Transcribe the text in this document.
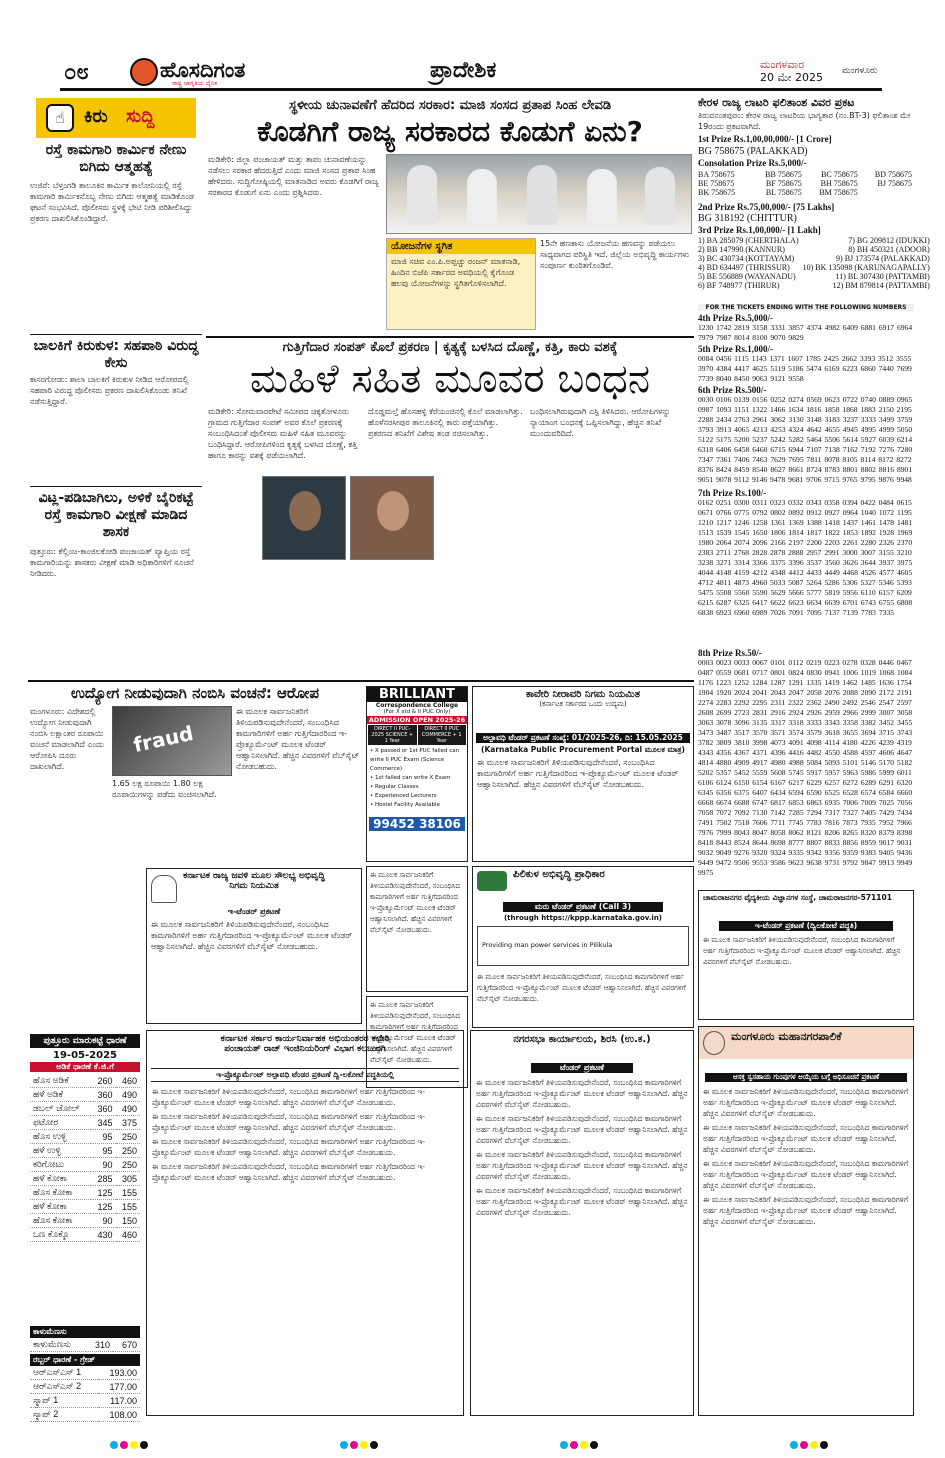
೦೮	ಹೊಸದಿಗಂತ
ರಾಷ್ಟ್ರ ಜಾಗೃತಿಯ ದೈನಿಕ
ಪ್ರಾದೇಶಿಕ	ಮಂಗಳವಾರ
20 ಮೇ 2025 ಮಂಗಳೂರು
☝	ಕಿರು ಸುದ್ದಿ
ರಸ್ತೆ ಕಾಮಗಾರಿ ಕಾರ್ಮಿಕ ನೇಣು ಬಿಗಿದು ಆತ್ಮಹತ್ಯೆ
ಉಜಿರೆ: ಬೆಳ್ತಂಗಡಿ ತಾಲೂಕಿನ ಕಾರ್ಮಿಕ ಕಾಲೋನಿಯಲ್ಲಿ ರಸ್ತೆ ಕಾಮಗಾರಿ ಕಾರ್ಮಿಕನೊಬ್ಬ ನೇಣು ಬಿಗಿದು ಆತ್ಮಹತ್ಯೆ ಮಾಡಿಕೊಂಡ ಘಟನೆ ಸಂಭವಿಸಿದೆ. ಪೊಲೀಸರು ಸ್ಥಳಕ್ಕೆ ಭೇಟಿ ನೀಡಿ ಪರಿಶೀಲಿಸಿದ್ದು ಪ್ರಕರಣ ದಾಖಲಿಸಿಕೊಂಡಿದ್ದಾರೆ.
ಬಾಲಕಿಗೆ ಕಿರುಕುಳ: ಸಹಪಾಠಿ ವಿರುದ್ಧ ಕೇಸು
ಕಾಸರಗೋಡು: ಶಾಲಾ ಬಾಲಕಿಗೆ ಕಿರುಕುಳ ನೀಡಿದ ಆರೋಪದಲ್ಲಿ ಸಹಪಾಠಿ ವಿರುದ್ಧ ಪೊಲೀಸರು ಪ್ರಕರಣ ದಾಖಲಿಸಿಕೊಂಡು ತನಿಖೆ ನಡೆಸುತ್ತಿದ್ದಾರೆ.
ವಿಟ್ಲ-ಪಡಿಬಾಗಿಲು, ಅಳಿಕೆ ಬೈರಿಕಟ್ಟೆ ರಸ್ತೆ ಕಾಮಗಾರಿ ವೀಕ್ಷಣೆ ಮಾಡಿದ ಶಾಸಕ
ಪುತ್ತೂರು: ಕೆಲ್ಲಿಂಜ-ಕಾಂಜಿಲಕೋಡಿ ಪಂಚಾಯತ್ ವ್ಯಾಪ್ತಿಯ ರಸ್ತೆ ಕಾಮಗಾರಿಯನ್ನು ಶಾಸಕರು ವೀಕ್ಷಣೆ ಮಾಡಿ ಅಧಿಕಾರಿಗಳಿಗೆ ಸೂಚನೆ ನೀಡಿದರು.
ಸ್ಥಳೀಯ ಚುನಾವಣೆಗೆ ಹೆದರಿದ ಸರಕಾರ: ಮಾಜಿ ಸಂಸದ ಪ್ರತಾಪ ಸಿಂಹ ಲೇವಡಿ
ಕೊಡಗಿಗೆ ರಾಜ್ಯ ಸರಕಾರದ ಕೊಡುಗೆ ಏನು?
ಮಡಿಕೇರಿ: ಜಿಲ್ಲಾ ಪಂಚಾಯತ್ ಮತ್ತು ತಾಪಂ ಚುನಾವಣೆಯನ್ನು ನಡೆಸಲು ಸರಕಾರ ಹೆದರುತ್ತಿದೆ ಎಂದು ಮಾಜಿ ಸಂಸದ ಪ್ರತಾಪ ಸಿಂಹ ಹೇಳಿದರು. ಸುದ್ದಿಗೋಷ್ಠಿಯಲ್ಲಿ ಮಾತನಾಡಿದ ಅವರು ಕೊಡಗಿಗೆ ರಾಜ್ಯ ಸರಕಾರದ ಕೊಡುಗೆ ಏನು ಎಂದು ಪ್ರಶ್ನಿಸಿದರು.
ಯೋಜನೆಗಳ ಸ್ಥಗಿತ
ಮಾಜಿ ಸಚಿವ ಎಂ.ಪಿ.ಅಪ್ಪಚ್ಚು ರಂಜನ್ ಮಾತನಾಡಿ, ಹಿಂದಿನ ಬಿಜೆಪಿ ಸರ್ಕಾರದ ಅವಧಿಯಲ್ಲಿ ಕೈಗೊಂಡ ಹಲವು ಯೋಜನೆಗಳನ್ನು ಸ್ಥಗಿತಗೊಳಿಸಲಾಗಿದೆ.
15ನೇ ಹಣಕಾಸು ಯೋಜನೆಯ ಹಣವನ್ನು ಪಡೆಯಲು ಸಾಧ್ಯವಾಗದ ಪರಿಸ್ಥಿತಿ ಇದೆ. ಜಿಲ್ಲೆಯ ಅಭಿವೃದ್ಧಿ ಕಾರ್ಯಗಳು ಸಂಪೂರ್ಣ ಕುಂಠಿತಗೊಂಡಿವೆ.
ಗುತ್ತಿಗೆದಾರ ಸಂಪತ್ ಕೊಲೆ ಪ್ರಕರಣ | ಕೃತ್ಯಕ್ಕೆ ಬಳಸಿದ ದೊಣ್ಣೆ, ಕತ್ತಿ, ಕಾರು ವಶಕ್ಕೆ
ಮಹಿಳೆ ಸಹಿತ ಮೂವರ ಬಂಧನ
ಮಡಿಕೇರಿ: ಸೋಮವಾರಪೇಟೆ ಸಮೀಪದ ಚಿಕ್ಕತೋಳೂರು ಗ್ರಾಮದ ಗುತ್ತಿಗೆದಾರ ಸಂಪತ್ ಅವರ ಕೊಲೆ ಪ್ರಕರಣಕ್ಕೆ ಸಂಬಂಧಿಸಿದಂತೆ ಪೊಲೀಸರು ಮಹಿಳೆ ಸಹಿತ ಮೂವರನ್ನು ಬಂಧಿಸಿದ್ದಾರೆ. ಆರೋಪಿಗಳಿಂದ ಕೃತ್ಯಕ್ಕೆ ಬಳಸಿದ ದೊಣ್ಣೆ, ಕತ್ತಿ ಹಾಗೂ ಕಾರನ್ನು ವಶಕ್ಕೆ ಪಡೆಯಲಾಗಿದೆ.
ದೊಡ್ಡಮಲ್ತೆ ಹೊಸಹಳ್ಳಿ ಕೆರೆಯಂಚಿನಲ್ಲಿ ಕೊಲೆ ಮಾಡಲಾಗಿತ್ತು. ಹೊಳೆನರಸೀಪುರ ತಾಲೂಕಿನಲ್ಲಿ ಕಾರು ಪತ್ತೆಯಾಗಿತ್ತು. ಪ್ರಕರಣದ ತನಿಖೆಗೆ ವಿಶೇಷ ತಂಡ ರಚಿಸಲಾಗಿತ್ತು.
ಬಂಧಿಸಲಾಗಿರುವುದಾಗಿ ಎಸ್ಪಿ ತಿಳಿಸಿದರು. ಆರೋಪಿಗಳನ್ನು ನ್ಯಾಯಾಂಗ ಬಂಧನಕ್ಕೆ ಒಪ್ಪಿಸಲಾಗಿದ್ದು, ಹೆಚ್ಚಿನ ತನಿಖೆ ಮುಂದುವರಿದಿದೆ.
ಕೇರಳ ರಾಜ್ಯ ಲಾಟರಿ ಫಲಿತಾಂಶ ವಿವರ ಪ್ರಕಟ
ತಿರುವನಂತಪುರಂ: ಕೇರಳ ರಾಜ್ಯ ಲಾಟರಿಯ ಭಾಗ್ಯತಾರ (ನಂ.BT-3) ಫಲಿತಾಂಶ ಮೇ 19ರಂದು ಪ್ರಕಟವಾಗಿದೆ.
1st Prize Rs.1,00,00,000/- [1 Crore]
BG 758675 (PALAKKAD)
Consolation Prize Rs.5,000/-
BA 758675	BB 758675	BC 758675	BD 758675
BE 758675	BF 758675	BH 758675	BJ 758675
BK 758675	BL 758675	BM 758675	
2nd Prize Rs.75,00,000/- [75 Lakhs]
BG 318192 (CHITTUR)
3rd Prize Rs.1,00,000/- [1 Lakh]
1) BA 285079 (CHERTHALA)	7) BG 209812 (IDUKKI)
2) BB 147990 (KANNUR)	8) BH 450321 (ADOOR)
3) BC 430734 (KOTTAYAM)	9) BJ 173574 (PALAKKAD)
4) BD 634497 (THRISSUR)	10) BK 135098 (KARUNAGAPALLY)
5) BE 556889 (WAYANADU)	11) BL 307430 (PATTAMBI)
6) BF 748977 (THIRUR)	12) BM 879814 (PATTAMBI)
FOR THE TICKETS ENDING WITH THE FOLLOWING NUMBERS
4th Prize Rs.5,000/-
1230 1742 2819 3158 3331 3857 4374 4982 6409 6881 6917 6964 7979 7987 8014 8100 9070 9829
5th Prize Rs.1,000/-
0084 0456 1115 1143 1371 1607 1785 2425 2662 3393 3512 3555 3970 4384 4417 4625 5119 5186 5474 6169 6223 6860 7440 7699 7739 8040 8450 9063 9121 9558
6th Prize Rs.500/-
0030 0106 0139 0156 0252 0274 0569 0623 0722 0740 0889 0965 0987 1093 1151 1322 1466 1634 1816 1858 1868 1883 2150 2195 2288 2434 2763 2961 3062 3130 3148 3183 3237 3333 3499 3759 3793 3913 4065 4213 4253 4324 4642 4655 4945 4995 4999 5050 5122 5175 5200 5237 5242 5282 5464 5506 5614 5927 6039 6214 6318 6406 6458 6460 6715 6944 7107 7138 7162 7192 7276 7280 7347 7361 7406 7463 7629 7695 7811 8078 8105 8114 8172 8272 8376 8424 8459 8540 8627 8661 8724 8783 8801 8802 8816 8901 9051 9078 9112 9146 9478 9681 9706 9715 9765 9795 9876 9948
7th Prize Rs.100/-
0162 0251 0300 0311 0323 0332 0343 0358 0394 0422 0484 0615 0671 0766 0775 0792 0802 0892 0912 0927 0964 1040 1072 1195 1210 1217 1246 1258 1361 1369 1388 1418 1437 1461 1478 1481 1513 1539 1545 1650 1806 1814 1817 1822 1853 1892 1928 1969 1980 2064 2074 2096 2166 2197 2200 2203 2261 2280 2326 2370 2383 2711 2768 2828 2878 2888 2957 2991 3000 3007 3155 3210 3238 3271 3314 3366 3375 3396 3537 3560 3626 3644 3937 3975 4044 4148 4159 4212 4348 4412 4433 4449 4468 4526 4577 4605 4712 4811 4873 4960 5033 5087 5264 5286 5306 5327 5346 5393 5475 5508 5560 5590 5629 5666 5777 5819 5956 6110 6157 6209 6215 6287 6325 6417 6622 6623 6634 6639 6701 6743 6755 6808 6838 6923 6960 6989 7026 7091 7095 7137 7139 7783 7335
8th Prize Rs.50/-
0003 0023 0033 0067 0101 0112 0219 0223 0278 0328 0446 0467 0487 0559 0681 0717 0801 0824 0830 0941 1006 1019 1068 1084 1176 1223 1252 1284 1287 1291 1335 1419 1462 1485 1636 1754 1904 1920 2024 2041 2043 2047 2058 2076 2088 2090 2172 2191 2274 2283 2292 2295 2311 2322 2362 2490 2492 2546 2547 2597 2608 2699 2723 2831 2916 2924 2926 2959 2966 2999 3007 3058 3063 3078 3096 3135 3317 3318 3333 3343 3358 3382 3452 3455 3473 3487 3517 3570 3571 3574 3579 3618 3655 3694 3715 3743 3782 3809 3810 3998 4073 4091 4098 4114 4180 4226 4239 4319 4343 4356 4367 4371 4396 4416 4482 4550 4588 4597 4606 4647 4814 4880 4909 4917 4980 4988 5084 5093 5101 5146 5170 5182 5202 5357 5452 5559 5608 5745 5917 5957 5963 5986 5999 6011 6106 6124 6150 6154 6167 6217 6229 6257 6272 6289 6291 6320 6345 6356 6375 6407 6434 6594 6590 6525 6528 6574 6584 6660 6668 6674 6688 6747 6817 6853 6863 6935 7006 7009 7025 7056 7058 7072 7092 7130 7142 7285 7294 7317 7327 7405 7429 7434 7491 7502 7518 7606 7711 7745 7783 7816 7873 7935 7952 7966 7976 7999 8043 8047 8058 8062 8121 8206 8265 8320 8379 8398 8418 8443 8524 8644 8698 8777 8807 8833 8856 8959 9017 9031 9032 9049 9276 9320 9324 9335 9342 9356 9359 9383 9405 9436 9449 9472 9506 9553 9586 9623 9638 9731 9792 9847 9913 9949 9975
ಉದ್ಯೋಗ ನೀಡುವುದಾಗಿ ನಂಬಿಸಿ ವಂಚನೆ: ಆರೋಪ
ಮಂಗಳೂರು: ವಿದೇಶದಲ್ಲಿ ಉದ್ಯೋಗ ನೀಡುವುದಾಗಿ ನಂಬಿಸಿ ಲಕ್ಷಾಂತರ ರೂಪಾಯಿ ವಂಚನೆ ಮಾಡಲಾಗಿದೆ ಎಂದು ಆರೋಪಿಸಿ ದೂರು ದಾಖಲಾಗಿದೆ.
fraud
1.65 ಲಕ್ಷ ರೂಪಾಯಿ 1.80 ಲಕ್ಷ ರೂಪಾಯಿಗಳನ್ನು ಪಡೆದು ವಂಚಿಸಲಾಗಿದೆ.
ಈ ಮೂಲಕ ಸಾರ್ವಜನಿಕರಿಗೆ ತಿಳಿಯಪಡಿಸುವುದೇನೆಂದರೆ, ಸಂಬಂಧಿಸಿದ ಕಾಮಗಾರಿಗಳಿಗೆ ಅರ್ಹ ಗುತ್ತಿಗೆದಾರರಿಂದ ಇ-ಪ್ರೊಕ್ಯೂರ್ಮೆಂಟ್ ಮೂಲಕ ಟೆಂಡರ್ ಆಹ್ವಾನಿಸಲಾಗಿದೆ. ಹೆಚ್ಚಿನ ವಿವರಗಳಿಗೆ ವೆಬ್‌ಸೈಟ್ ನೋಡಬಹುದು.
BRILLIANT
Correspondence College
(For X std & II PUC Only)
ADMISSION OPEN 2025-26
DIRECT II PUC-2025 SCIENCE + 1 Year
DIRECT II PUC COMMERCE + 1 Year
• X passed or 1st PUC failed can write II PUC Exam (Science Commerce)
• 1st failed can write X Exam
• Regular Classes
• Experienced Lecturers
• Hostel Facility Available
99452 38106
ಕಾವೇರಿ ನೀರಾವರಿ ನಿಗಮ ನಿಯಮಿತ
(ಕರ್ನಾಟಕ ಸರ್ಕಾರದ ಒಂದು ಉದ್ಯಮ)
ಅಲ್ಪಾವಧಿ ಟೆಂಡರ್ ಪ್ರಕಟಣೆ ಸಂಖ್ಯೆ: 01/2025-26, ದಿ: 15.05.2025
(Karnataka Public Procurement Portal ಮೂಲಕ ಮಾತ್ರ)
ಈ ಮೂಲಕ ಸಾರ್ವಜನಿಕರಿಗೆ ತಿಳಿಯಪಡಿಸುವುದೇನೆಂದರೆ, ಸಂಬಂಧಿಸಿದ ಕಾಮಗಾರಿಗಳಿಗೆ ಅರ್ಹ ಗುತ್ತಿಗೆದಾರರಿಂದ ಇ-ಪ್ರೊಕ್ಯೂರ್ಮೆಂಟ್ ಮೂಲಕ ಟೆಂಡರ್ ಆಹ್ವಾನಿಸಲಾಗಿದೆ. ಹೆಚ್ಚಿನ ವಿವರಗಳಿಗೆ ವೆಬ್‌ಸೈಟ್ ನೋಡಬಹುದು.
ಕರ್ನಾಟಕ ರಾಜ್ಯ ಜವಳಿ ಮೂಲ ಸೌಲಭ್ಯ ಅಭಿವೃದ್ಧಿ ನಿಗಮ ನಿಯಮಿತ
ಇ-ಟೆಂಡರ್ ಪ್ರಕಟಣೆ
ಈ ಮೂಲಕ ಸಾರ್ವಜನಿಕರಿಗೆ ತಿಳಿಯಪಡಿಸುವುದೇನೆಂದರೆ, ಸಂಬಂಧಿಸಿದ ಕಾಮಗಾರಿಗಳಿಗೆ ಅರ್ಹ ಗುತ್ತಿಗೆದಾರರಿಂದ ಇ-ಪ್ರೊಕ್ಯೂರ್ಮೆಂಟ್ ಮೂಲಕ ಟೆಂಡರ್ ಆಹ್ವಾನಿಸಲಾಗಿದೆ. ಹೆಚ್ಚಿನ ವಿವರಗಳಿಗೆ ವೆಬ್‌ಸೈಟ್ ನೋಡಬಹುದು.
ಈ ಮೂಲಕ ಸಾರ್ವಜನಿಕರಿಗೆ ತಿಳಿಯಪಡಿಸುವುದೇನೆಂದರೆ, ಸಂಬಂಧಿಸಿದ ಕಾಮಗಾರಿಗಳಿಗೆ ಅರ್ಹ ಗುತ್ತಿಗೆದಾರರಿಂದ ಇ-ಪ್ರೊಕ್ಯೂರ್ಮೆಂಟ್ ಮೂಲಕ ಟೆಂಡರ್ ಆಹ್ವಾನಿಸಲಾಗಿದೆ. ಹೆಚ್ಚಿನ ವಿವರಗಳಿಗೆ ವೆಬ್‌ಸೈಟ್ ನೋಡಬಹುದು.
ಈ ಮೂಲಕ ಸಾರ್ವಜನಿಕರಿಗೆ ತಿಳಿಯಪಡಿಸುವುದೇನೆಂದರೆ, ಸಂಬಂಧಿಸಿದ ಕಾಮಗಾರಿಗಳಿಗೆ ಅರ್ಹ ಗುತ್ತಿಗೆದಾರರಿಂದ ಇ-ಪ್ರೊಕ್ಯೂರ್ಮೆಂಟ್ ಮೂಲಕ ಟೆಂಡರ್ ಆಹ್ವಾನಿಸಲಾಗಿದೆ. ಹೆಚ್ಚಿನ ವಿವರಗಳಿಗೆ ವೆಬ್‌ಸೈಟ್ ನೋಡಬಹುದು.
ಪಿಲಿಕುಳ ಅಭಿವೃದ್ಧಿ ಪ್ರಾಧಿಕಾರ
ಮರು ಟೆಂಡರ್ ಪ್ರಕಟಣೆ (Call 3)
(through https://kppp.karnataka.gov.in)
Providing man power services in Pilikula
ಈ ಮೂಲಕ ಸಾರ್ವಜನಿಕರಿಗೆ ತಿಳಿಯಪಡಿಸುವುದೇನೆಂದರೆ, ಸಂಬಂಧಿಸಿದ ಕಾಮಗಾರಿಗಳಿಗೆ ಅರ್ಹ ಗುತ್ತಿಗೆದಾರರಿಂದ ಇ-ಪ್ರೊಕ್ಯೂರ್ಮೆಂಟ್ ಮೂಲಕ ಟೆಂಡರ್ ಆಹ್ವಾನಿಸಲಾಗಿದೆ. ಹೆಚ್ಚಿನ ವಿವರಗಳಿಗೆ ವೆಬ್‌ಸೈಟ್ ನೋಡಬಹುದು.
ಪುತ್ತೂರು ಮಾರುಕಟ್ಟೆ ಧಾರಣೆ
19-05-2025
ಅಡಿಕೆ ಧಾರಣೆ ಕೆ.ಜಿ.ಗೆ
ಹೊಸ ಅಡಿಕೆ	260	460
ಹಳೆ ಅಡಿಕೆ	360	490
ಡಬಲ್ ಚೋಲ್	360	490
ಫಟೋರ	345	375
ಹೊಸ ಉಳ್ಳಿ	95	250
ಹಳೆ ಉಳ್ಳಿ	95	250
ಕರಿಗೋಟು	90	250
ಹಳೆ ಕೋಕಾ	285	305
ಹೊಸ ಕೋಕಾ	125	155
ಹಳೆ ಕೋಕಾ	125	155
ಹೊಸ ಕೋಕಾ	90	150
ಒಣ ಕೊಕ್ಕೊ	430	460
ಕಾಳುಮೆಣಸು
ಕಾಳುಮೆಣಸು	310	670
ರಬ್ಬರ್ ಧಾರಣೆ - ಗ್ರೇಡ್
ಆರ್‌ಎಸ್‌ಎಸ್ 1	193.00
ಆರ್‌ಎಸ್‌ಎಸ್ 2	177.00
ಸ್ಕ್ರಾಪ್ 1	117.00
ಸ್ಕ್ರಾಪ್ 2	108.00
ಕರ್ನಾಟಕ ಸರ್ಕಾರ ಕಾರ್ಯನಿರ್ವಾಹಕ ಅಭಿಯಂತರರ ಕಛೇರಿ
ಪಂಚಾಯತ್ ರಾಜ್ ಇಂಜಿನಿಯರಿಂಗ್ ವಿಭಾಗ ಕಲಬುರಗಿ
ಇ-ಪ್ರೊಕ್ಯೂರ್ಮೆಂಟ್ ಅಲ್ಪಾವಧಿ ಟೆಂಡರ ಪ್ರಕಟಣೆ ದ್ವಿ-ಲಕೋಟೆ ಪದ್ಧತಿಯಲ್ಲಿ

ಈ ಮೂಲಕ ಸಾರ್ವಜನಿಕರಿಗೆ ತಿಳಿಯಪಡಿಸುವುದೇನೆಂದರೆ, ಸಂಬಂಧಿಸಿದ ಕಾಮಗಾರಿಗಳಿಗೆ ಅರ್ಹ ಗುತ್ತಿಗೆದಾರರಿಂದ ಇ-ಪ್ರೊಕ್ಯೂರ್ಮೆಂಟ್ ಮೂಲಕ ಟೆಂಡರ್ ಆಹ್ವಾನಿಸಲಾಗಿದೆ. ಹೆಚ್ಚಿನ ವಿವರಗಳಿಗೆ ವೆಬ್‌ಸೈಟ್ ನೋಡಬಹುದು.

ಈ ಮೂಲಕ ಸಾರ್ವಜನಿಕರಿಗೆ ತಿಳಿಯಪಡಿಸುವುದೇನೆಂದರೆ, ಸಂಬಂಧಿಸಿದ ಕಾಮಗಾರಿಗಳಿಗೆ ಅರ್ಹ ಗುತ್ತಿಗೆದಾರರಿಂದ ಇ-ಪ್ರೊಕ್ಯೂರ್ಮೆಂಟ್ ಮೂಲಕ ಟೆಂಡರ್ ಆಹ್ವಾನಿಸಲಾಗಿದೆ. ಹೆಚ್ಚಿನ ವಿವರಗಳಿಗೆ ವೆಬ್‌ಸೈಟ್ ನೋಡಬಹುದು.

ಈ ಮೂಲಕ ಸಾರ್ವಜನಿಕರಿಗೆ ತಿಳಿಯಪಡಿಸುವುದೇನೆಂದರೆ, ಸಂಬಂಧಿಸಿದ ಕಾಮಗಾರಿಗಳಿಗೆ ಅರ್ಹ ಗುತ್ತಿಗೆದಾರರಿಂದ ಇ-ಪ್ರೊಕ್ಯೂರ್ಮೆಂಟ್ ಮೂಲಕ ಟೆಂಡರ್ ಆಹ್ವಾನಿಸಲಾಗಿದೆ. ಹೆಚ್ಚಿನ ವಿವರಗಳಿಗೆ ವೆಬ್‌ಸೈಟ್ ನೋಡಬಹುದು.

ಈ ಮೂಲಕ ಸಾರ್ವಜನಿಕರಿಗೆ ತಿಳಿಯಪಡಿಸುವುದೇನೆಂದರೆ, ಸಂಬಂಧಿಸಿದ ಕಾಮಗಾರಿಗಳಿಗೆ ಅರ್ಹ ಗುತ್ತಿಗೆದಾರರಿಂದ ಇ-ಪ್ರೊಕ್ಯೂರ್ಮೆಂಟ್ ಮೂಲಕ ಟೆಂಡರ್ ಆಹ್ವಾನಿಸಲಾಗಿದೆ. ಹೆಚ್ಚಿನ ವಿವರಗಳಿಗೆ ವೆಬ್‌ಸೈಟ್ ನೋಡಬಹುದು.

ನಗರಸಭಾ ಕಾರ್ಯಾಲಯ, ಶಿರಸಿ (ಉ.ಕ.)
ಟೆಂಡರ್ ಪ್ರಕಟಣೆ

ಈ ಮೂಲಕ ಸಾರ್ವಜನಿಕರಿಗೆ ತಿಳಿಯಪಡಿಸುವುದೇನೆಂದರೆ, ಸಂಬಂಧಿಸಿದ ಕಾಮಗಾರಿಗಳಿಗೆ ಅರ್ಹ ಗುತ್ತಿಗೆದಾರರಿಂದ ಇ-ಪ್ರೊಕ್ಯೂರ್ಮೆಂಟ್ ಮೂಲಕ ಟೆಂಡರ್ ಆಹ್ವಾನಿಸಲಾಗಿದೆ. ಹೆಚ್ಚಿನ ವಿವರಗಳಿಗೆ ವೆಬ್‌ಸೈಟ್ ನೋಡಬಹುದು.

ಈ ಮೂಲಕ ಸಾರ್ವಜನಿಕರಿಗೆ ತಿಳಿಯಪಡಿಸುವುದೇನೆಂದರೆ, ಸಂಬಂಧಿಸಿದ ಕಾಮಗಾರಿಗಳಿಗೆ ಅರ್ಹ ಗುತ್ತಿಗೆದಾರರಿಂದ ಇ-ಪ್ರೊಕ್ಯೂರ್ಮೆಂಟ್ ಮೂಲಕ ಟೆಂಡರ್ ಆಹ್ವಾನಿಸಲಾಗಿದೆ. ಹೆಚ್ಚಿನ ವಿವರಗಳಿಗೆ ವೆಬ್‌ಸೈಟ್ ನೋಡಬಹುದು.

ಈ ಮೂಲಕ ಸಾರ್ವಜನಿಕರಿಗೆ ತಿಳಿಯಪಡಿಸುವುದೇನೆಂದರೆ, ಸಂಬಂಧಿಸಿದ ಕಾಮಗಾರಿಗಳಿಗೆ ಅರ್ಹ ಗುತ್ತಿಗೆದಾರರಿಂದ ಇ-ಪ್ರೊಕ್ಯೂರ್ಮೆಂಟ್ ಮೂಲಕ ಟೆಂಡರ್ ಆಹ್ವಾನಿಸಲಾಗಿದೆ. ಹೆಚ್ಚಿನ ವಿವರಗಳಿಗೆ ವೆಬ್‌ಸೈಟ್ ನೋಡಬಹುದು.

ಈ ಮೂಲಕ ಸಾರ್ವಜನಿಕರಿಗೆ ತಿಳಿಯಪಡಿಸುವುದೇನೆಂದರೆ, ಸಂಬಂಧಿಸಿದ ಕಾಮಗಾರಿಗಳಿಗೆ ಅರ್ಹ ಗುತ್ತಿಗೆದಾರರಿಂದ ಇ-ಪ್ರೊಕ್ಯೂರ್ಮೆಂಟ್ ಮೂಲಕ ಟೆಂಡರ್ ಆಹ್ವಾನಿಸಲಾಗಿದೆ. ಹೆಚ್ಚಿನ ವಿವರಗಳಿಗೆ ವೆಬ್‌ಸೈಟ್ ನೋಡಬಹುದು.

ಚಾಮರಾಜನಗರ ವೈದ್ಯಕೀಯ ವಿಜ್ಞಾನಗಳ ಸಂಸ್ಥೆ, ಚಾಮರಾಜನಗರ-571101
ಇ-ಟೆಂಡರ್ ಪ್ರಕಟಣೆ (ದ್ವಿಲಕೋಟೆ ಪದ್ಧತಿ)
ಈ ಮೂಲಕ ಸಾರ್ವಜನಿಕರಿಗೆ ತಿಳಿಯಪಡಿಸುವುದೇನೆಂದರೆ, ಸಂಬಂಧಿಸಿದ ಕಾಮಗಾರಿಗಳಿಗೆ ಅರ್ಹ ಗುತ್ತಿಗೆದಾರರಿಂದ ಇ-ಪ್ರೊಕ್ಯೂರ್ಮೆಂಟ್ ಮೂಲಕ ಟೆಂಡರ್ ಆಹ್ವಾನಿಸಲಾಗಿದೆ. ಹೆಚ್ಚಿನ ವಿವರಗಳಿಗೆ ವೆಬ್‌ಸೈಟ್ ನೋಡಬಹುದು.
ಮಂಗಳೂರು ಮಹಾನಗರಪಾಲಿಕೆ
ಆಸಕ್ತ ಸ್ವಸಹಾಯ ಗುಂಪುಗಳ ಆಯ್ಕೆಯ ಬಗ್ಗೆ ಅಧಿಸೂಚನೆ ಪ್ರಕಟಣೆ

ಈ ಮೂಲಕ ಸಾರ್ವಜನಿಕರಿಗೆ ತಿಳಿಯಪಡಿಸುವುದೇನೆಂದರೆ, ಸಂಬಂಧಿಸಿದ ಕಾಮಗಾರಿಗಳಿಗೆ ಅರ್ಹ ಗುತ್ತಿಗೆದಾರರಿಂದ ಇ-ಪ್ರೊಕ್ಯೂರ್ಮೆಂಟ್ ಮೂಲಕ ಟೆಂಡರ್ ಆಹ್ವಾನಿಸಲಾಗಿದೆ. ಹೆಚ್ಚಿನ ವಿವರಗಳಿಗೆ ವೆಬ್‌ಸೈಟ್ ನೋಡಬಹುದು.

ಈ ಮೂಲಕ ಸಾರ್ವಜನಿಕರಿಗೆ ತಿಳಿಯಪಡಿಸುವುದೇನೆಂದರೆ, ಸಂಬಂಧಿಸಿದ ಕಾಮಗಾರಿಗಳಿಗೆ ಅರ್ಹ ಗುತ್ತಿಗೆದಾರರಿಂದ ಇ-ಪ್ರೊಕ್ಯೂರ್ಮೆಂಟ್ ಮೂಲಕ ಟೆಂಡರ್ ಆಹ್ವಾನಿಸಲಾಗಿದೆ. ಹೆಚ್ಚಿನ ವಿವರಗಳಿಗೆ ವೆಬ್‌ಸೈಟ್ ನೋಡಬಹುದು.

ಈ ಮೂಲಕ ಸಾರ್ವಜನಿಕರಿಗೆ ತಿಳಿಯಪಡಿಸುವುದೇನೆಂದರೆ, ಸಂಬಂಧಿಸಿದ ಕಾಮಗಾರಿಗಳಿಗೆ ಅರ್ಹ ಗುತ್ತಿಗೆದಾರರಿಂದ ಇ-ಪ್ರೊಕ್ಯೂರ್ಮೆಂಟ್ ಮೂಲಕ ಟೆಂಡರ್ ಆಹ್ವಾನಿಸಲಾಗಿದೆ. ಹೆಚ್ಚಿನ ವಿವರಗಳಿಗೆ ವೆಬ್‌ಸೈಟ್ ನೋಡಬಹುದು.

ಈ ಮೂಲಕ ಸಾರ್ವಜನಿಕರಿಗೆ ತಿಳಿಯಪಡಿಸುವುದೇನೆಂದರೆ, ಸಂಬಂಧಿಸಿದ ಕಾಮಗಾರಿಗಳಿಗೆ ಅರ್ಹ ಗುತ್ತಿಗೆದಾರರಿಂದ ಇ-ಪ್ರೊಕ್ಯೂರ್ಮೆಂಟ್ ಮೂಲಕ ಟೆಂಡರ್ ಆಹ್ವಾನಿಸಲಾಗಿದೆ. ಹೆಚ್ಚಿನ ವಿವರಗಳಿಗೆ ವೆಬ್‌ಸೈಟ್ ನೋಡಬಹುದು.
